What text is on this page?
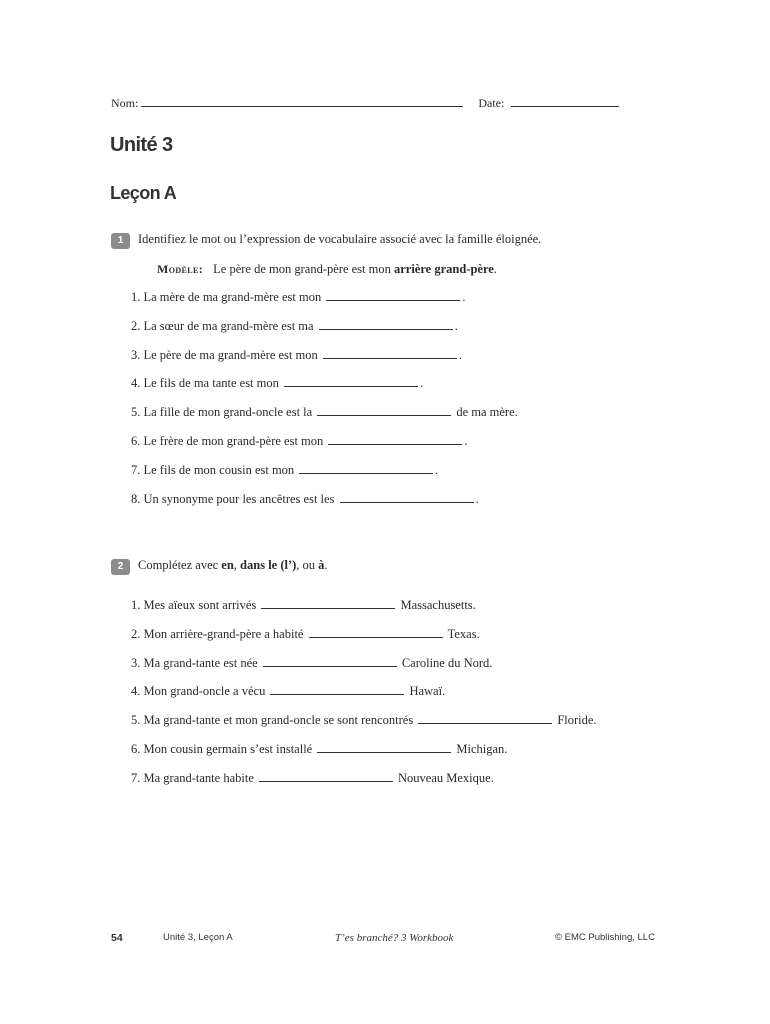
Nom:	Date:
Unité 3
Leçon A
1 Identifiez le mot ou l’expression de vocabulaire associé avec la famille éloignée.
Modèle: Le père de mon grand-père est mon arrière grand-père.
1. La mère de ma grand-mère est mon	.
2. La sœur de ma grand-mère est ma	.
3. Le père de ma grand-mère est mon	.
4. Le fils de ma tante est mon	.
5. La fille de mon grand-oncle est la	de ma mère.
6. Le frère de mon grand-père est mon	.
7. Le fils de mon cousin est mon	.
8. Un synonyme pour les ancêtres est les	.
2 Complétez avec en, dans le (l’), ou à.
1. Mes aïeux sont arrivés	Massachusetts.
2. Mon arrière-grand-père a habité	Texas.
3. Ma grand-tante est née	Caroline du Nord.
4. Mon grand-oncle a vécu	Hawaï.
5. Ma grand-tante et mon grand-oncle se sont rencontrés	Floride.
6. Mon cousin germain s’est installé	Michigan.
7. Ma grand-tante habite	Nouveau Mexique.
54	Unité 3, Leçon A	T’es branché? 3 Workbook	© EMC Publishing, LLC
